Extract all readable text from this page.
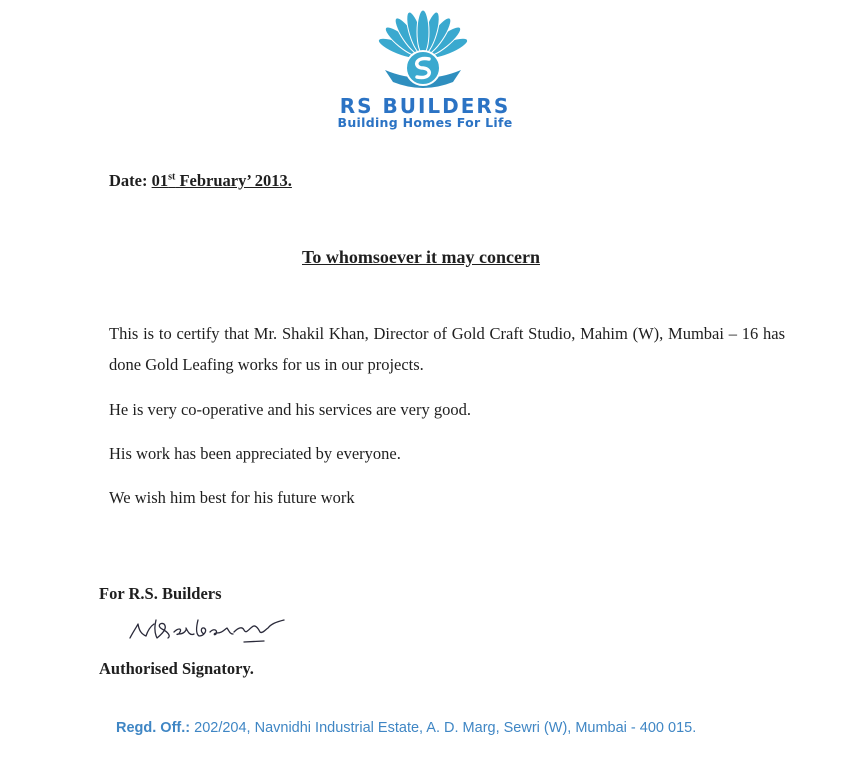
RS BUILDERS
Building Homes For Life
Date: 01st February’ 2013.
To whomsoever it may concern
This is to certify that Mr. Shakil Khan, Director of Gold Craft Studio, Mahim (W), Mumbai – 16 has done Gold Leafing works for us in our projects.
He is very co-operative and his services are very good.
His work has been appreciated by everyone.
We wish him best for his future work
For R.S. Builders
Authorised Signatory.
Regd. Off.: 202/204, Navnidhi Industrial Estate, A. D. Marg, Sewri (W), Mumbai - 400 015.
